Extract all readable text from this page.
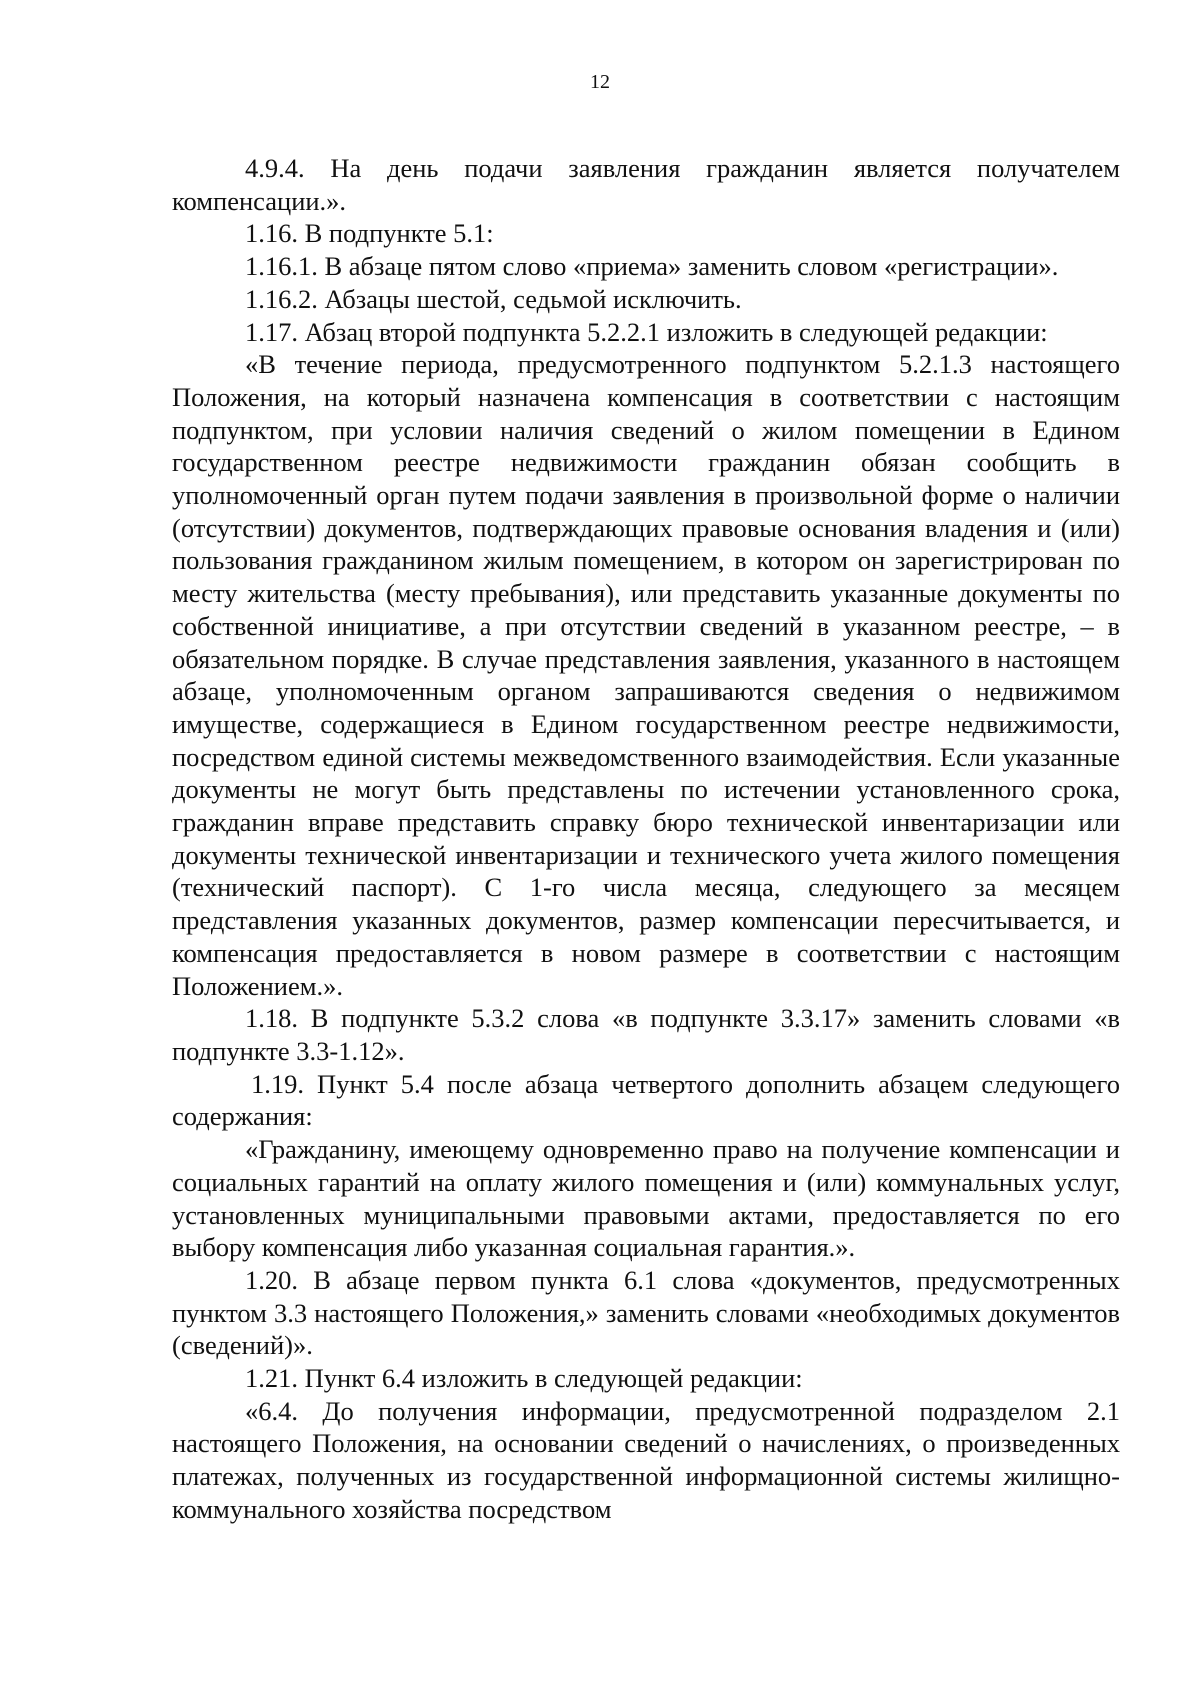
12

4.9.4. На день подачи заявления гражданин является получателем компенсации.».

1.16. В подпункте 5.1:

1.16.1. В абзаце пятом слово «приема» заменить словом «регистрации».

1.16.2. Абзацы шестой, седьмой исключить.

1.17. Абзац второй подпункта 5.2.2.1 изложить в следующей редакции:

«В течение периода, предусмотренного подпунктом 5.2.1.3 настоящего Положения, на который назначена компенсация в соответствии с настоящим подпунктом, при условии наличия сведений о жилом помещении в Едином государственном реестре недвижимости гражданин обязан сообщить в уполномоченный орган путем подачи заявления в произвольной форме о наличии (отсутствии) документов, подтверждающих правовые основания владения и (или) пользования гражданином жилым помещением, в котором он зарегистрирован по месту жительства (месту пребывания), или представить указанные документы по собственной инициативе, а при отсутствии сведений в указанном реестре, – в обязательном порядке. В случае представления заявления, указанного в настоящем абзаце, уполномоченным органом запрашиваются сведения о недвижимом имуществе, содержащиеся в Едином государственном реестре недвижимости, посредством единой системы межведомственного взаимодействия. Если указанные документы не могут быть представлены по истечении установленного срока, гражданин вправе представить справку бюро технической инвентаризации или документы технической инвентаризации и технического учета жилого помещения (технический паспорт). С 1-го числа месяца, следующего за месяцем представления указанных документов, размер компенсации пересчитывается, и компенсация предоставляется в новом размере в соответствии с настоящим Положением.».

1.18. В подпункте 5.3.2 слова «в подпункте 3.3.17» заменить словами «в подпункте 3.3-1.12».

1.19. Пункт 5.4 после абзаца четвертого дополнить абзацем следующего содержания:

«Гражданину, имеющему одновременно право на получение компенсации и социальных гарантий на оплату жилого помещения и (или) коммунальных услуг, установленных муниципальными правовыми актами, предоставляется по его выбору компенсация либо указанная социальная гарантия.».

1.20. В абзаце первом пункта 6.1 слова «документов, предусмотренных пунктом 3.3 настоящего Положения,» заменить словами «необходимых документов (сведений)».

1.21. Пункт 6.4 изложить в следующей редакции:

«6.4. До получения информации, предусмотренной подразделом 2.1 настоящего Положения, на основании сведений о начислениях, о произведенных платежах, полученных из государственной информационной системы жилищно-коммунального хозяйства посредством
